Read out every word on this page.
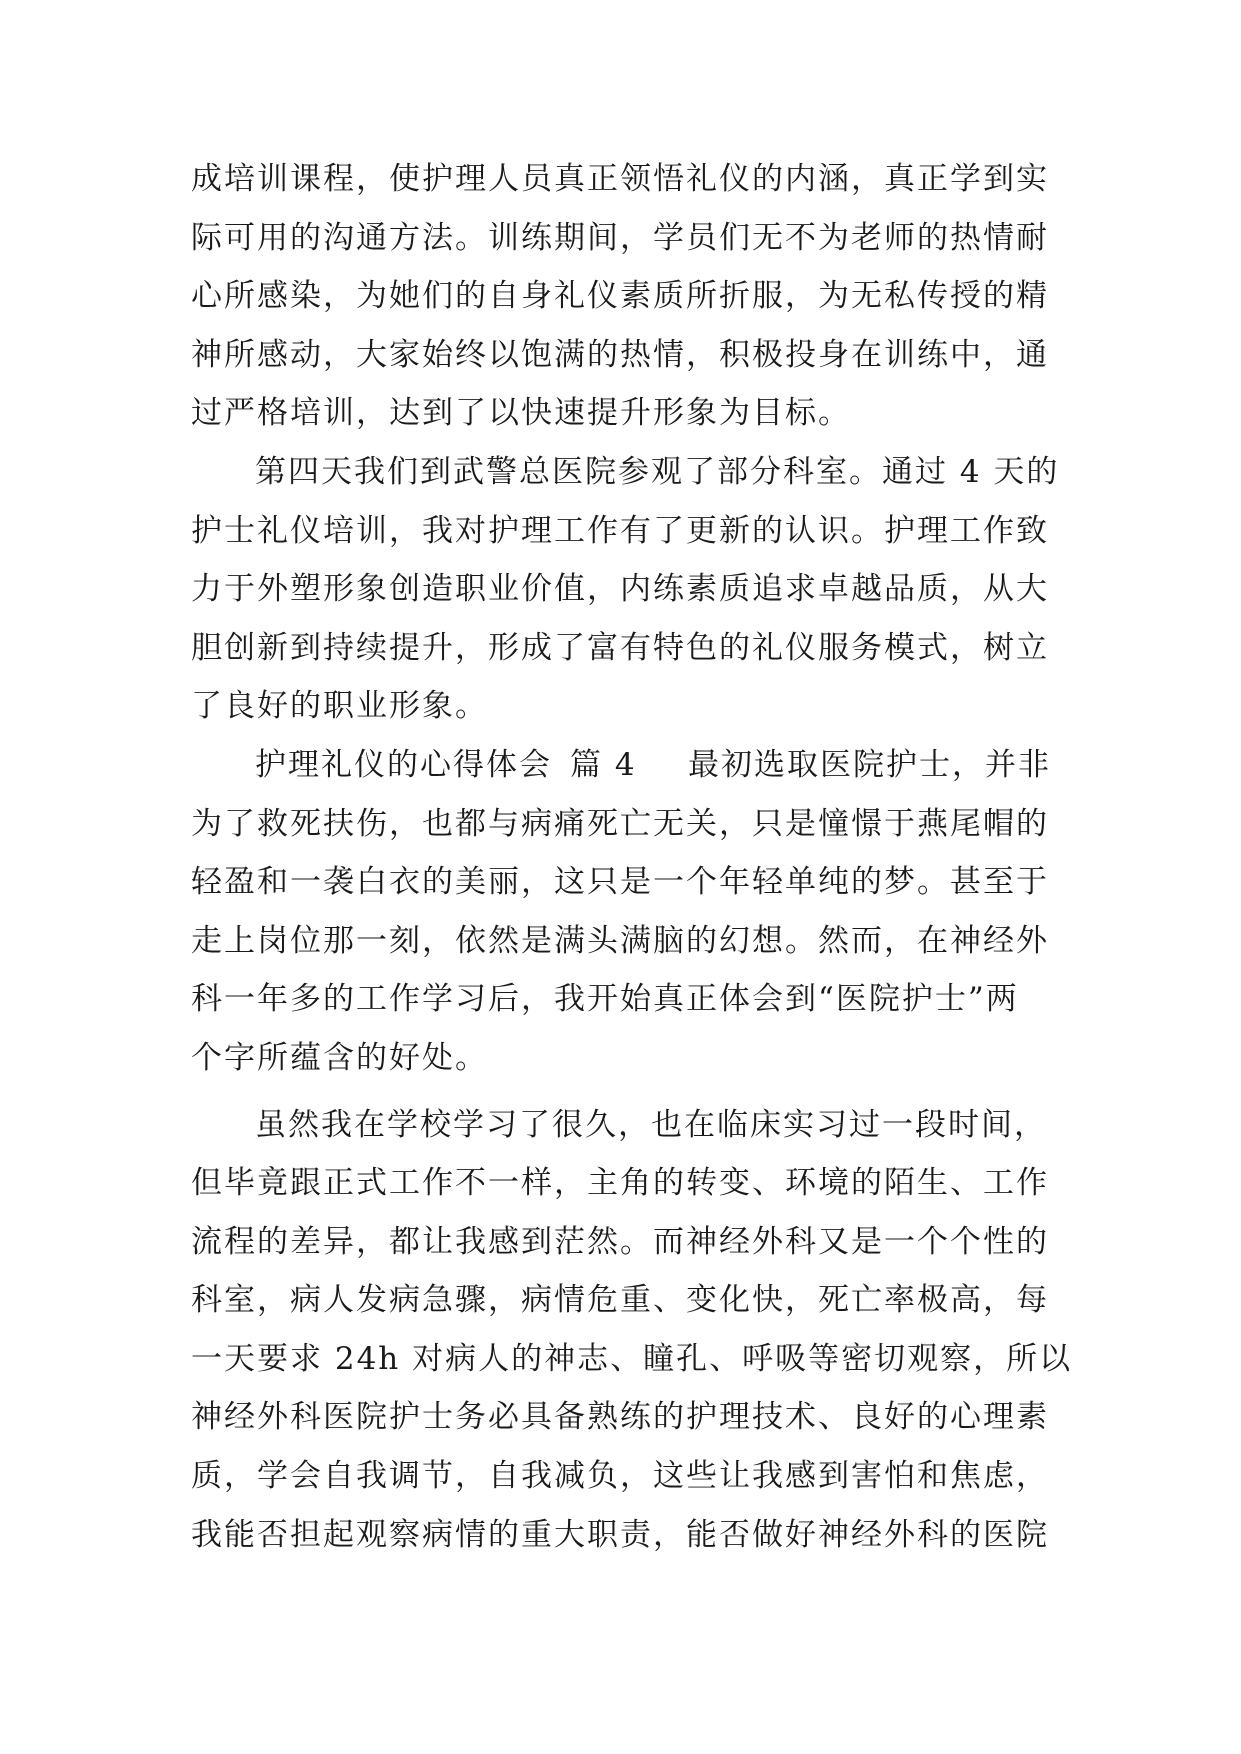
成培训课程，使护理人员真正领悟礼仪的内涵，真正学到实
际可用的沟通方法。训练期间，学员们无不为老师的热情耐
心所感染，为她们的自身礼仪素质所折服，为无私传授的精
神所感动，大家始终以饱满的热情，积极投身在训练中，通
过严格培训，达到了以快速提升形象为目标。
第四天我们到武警总医院参观了部分科室。通过 4 天的
护士礼仪培训，我对护理工作有了更新的认识。护理工作致
力于外塑形象创造职业价值，内练素质追求卓越品质，从大
胆创新到持续提升，形成了富有特色的礼仪服务模式，树立
了良好的职业形象。
护理礼仪的心得体会 篇 4 最初选取医院护士，并非
为了救死扶伤，也都与病痛死亡无关，只是憧憬于燕尾帽的
轻盈和一袭白衣的美丽，这只是一个年轻单纯的梦。甚至于
走上岗位那一刻，依然是满头满脑的幻想。然而，在神经外
科一年多的工作学习后，我开始真正体会到“医院护士”两
个字所蕴含的好处。
虽然我在学校学习了很久，也在临床实习过一段时间，
但毕竟跟正式工作不一样，主角的转变、环境的陌生、工作
流程的差异，都让我感到茫然。而神经外科又是一个个性的
科室，病人发病急骤，病情危重、变化快，死亡率极高，每
一天要求 24h 对病人的神志、瞳孔、呼吸等密切观察，所以
神经外科医院护士务必具备熟练的护理技术、良好的心理素
质，学会自我调节，自我减负，这些让我感到害怕和焦虑，
我能否担起观察病情的重大职责，能否做好神经外科的医院
